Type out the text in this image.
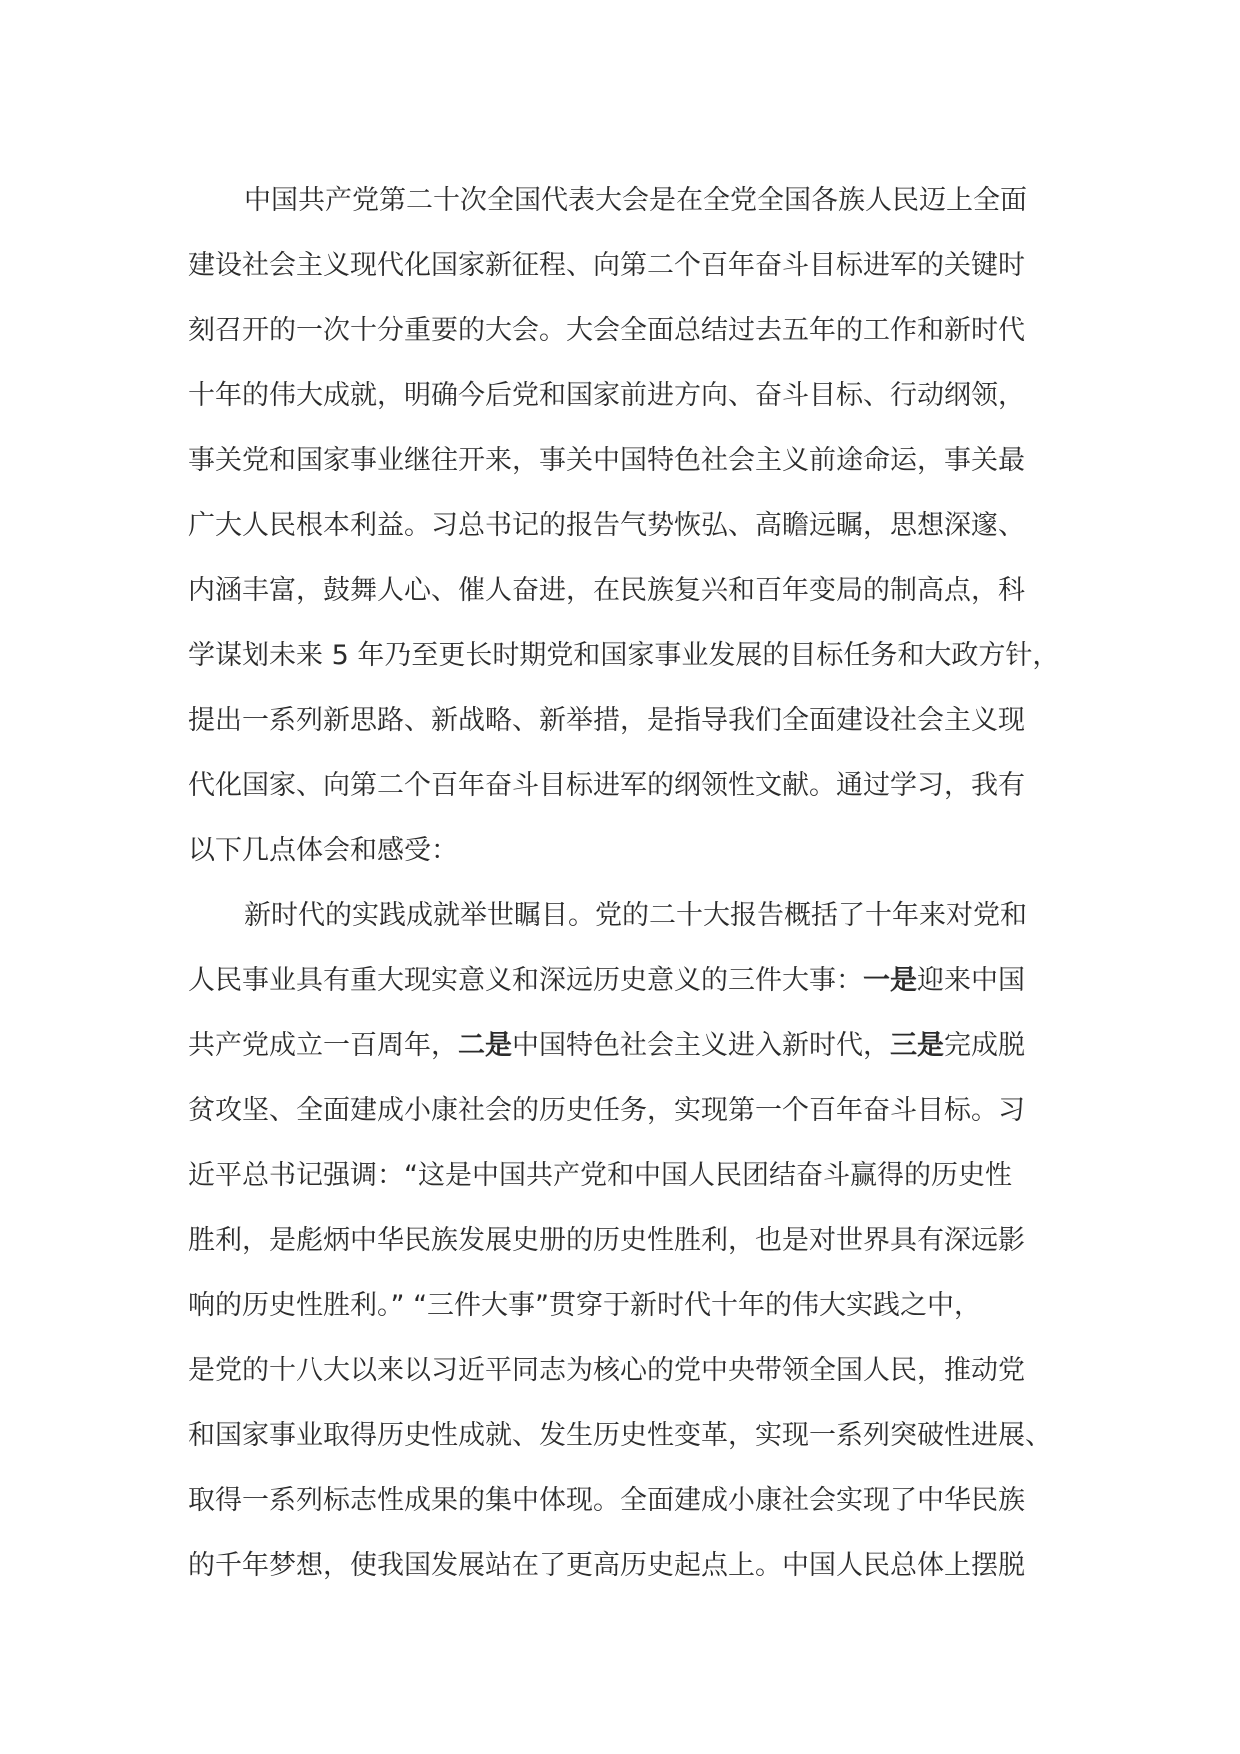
中国共产党第二十次全国代表大会是在全党全国各族人民迈上全面
建设社会主义现代化国家新征程、向第二个百年奋斗目标进军的关键时
刻召开的一次十分重要的大会。大会全面总结过去五年的工作和新时代
十年的伟大成就，明确今后党和国家前进方向、奋斗目标、行动纲领，
事关党和国家事业继往开来，事关中国特色社会主义前途命运，事关最
广大人民根本利益。习总书记的报告气势恢弘、高瞻远瞩，思想深邃、
内涵丰富，鼓舞人心、催人奋进，在民族复兴和百年变局的制高点，科
学谋划未来 5 年乃至更长时期党和国家事业发展的目标任务和大政方针，
提出一系列新思路、新战略、新举措，是指导我们全面建设社会主义现
代化国家、向第二个百年奋斗目标进军的纲领性文献。通过学习，我有
以下几点体会和感受：
新时代的实践成就举世瞩目。党的二十大报告概括了十年来对党和
人民事业具有重大现实意义和深远历史意义的三件大事：一是迎来中国
共产党成立一百周年，二是中国特色社会主义进入新时代，三是完成脱
贫攻坚、全面建成小康社会的历史任务，实现第一个百年奋斗目标。习
近平总书记强调：“这是中国共产党和中国人民团结奋斗赢得的历史性
胜利，是彪炳中华民族发展史册的历史性胜利，也是对世界具有深远影
响的历史性胜利。” “三件大事”贯穿于新时代十年的伟大实践之中，
是党的十八大以来以习近平同志为核心的党中央带领全国人民，推动党
和国家事业取得历史性成就、发生历史性变革，实现一系列突破性进展、
取得一系列标志性成果的集中体现。全面建成小康社会实现了中华民族
的千年梦想，使我国发展站在了更高历史起点上。中国人民总体上摆脱
